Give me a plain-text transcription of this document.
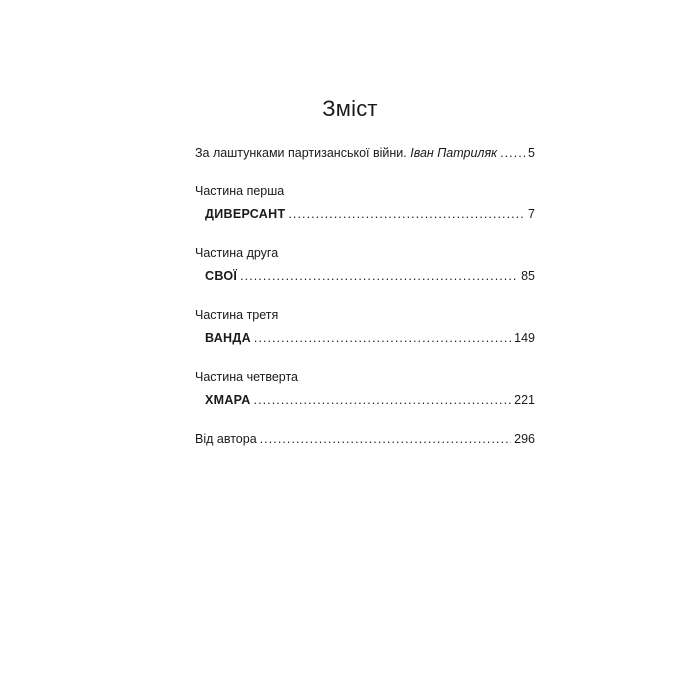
Зміст
За лаштунками партизанської війни. Іван Патриляк . . . 5

Частина перша

ДИВЕРСАНТ . . .	7

Частина друга

СВОЇ . . .	85

Частина третя

ВАНДА . . .	149

Частина четверта

ХМАРА . . .	221
Від автора . . .	296
